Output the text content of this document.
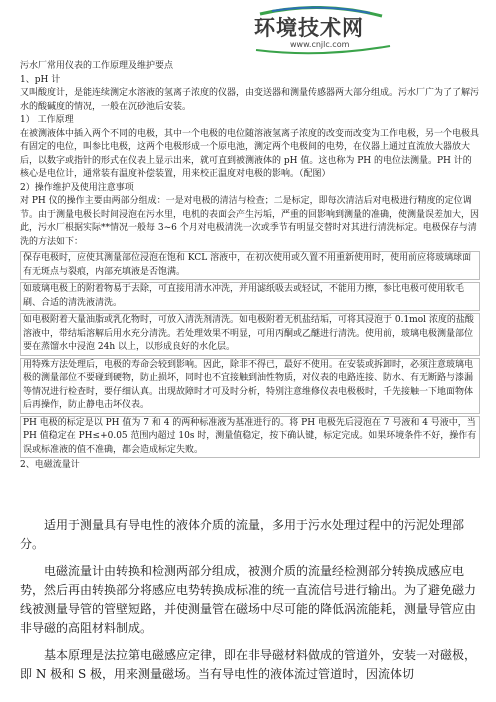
环境技术网
www.cnjlc.com

污水厂常用仪表的工作原理及维护要点

1、pH 计

又叫酸度计，是能连续测定水溶液的氢离子浓度的仪器，由变送器和测量传感器两大部分组成。污水厂广为了了解污水的酸碱度的情况，一般在沉砂池后安装。

1） 工作原理

在被测液体中插入两个不同的电极，其中一个电极的电位随溶液氢离子浓度的改变而改变为工作电极，另一个电极具有固定的电位，叫参比电极，这两个电极形成一个原电池，测定两个电极间的电势，在仪器上通过直流放大器放大后，以数字或指针的形式在仪表上显示出来，就可直到被测液体的 pH 值。这也称为 PH 的电位法测量。PH 计的核心是电位计，通常装有温度补偿装置，用来校正温度对电极的影响。（配图）

2）操作维护及使用注意事项

对 PH 仪的操作主要由两部分组成：一是对电极的清洁与检查；二是标定，即每次清洁后对电极进行精度的定位调节。由于测量电极长时间浸泡在污水里，电机的表面会产生污垢，严重的回影响到测量的准确，使测量误差加大，因此，污水厂根据实际**情况一般每 3~6 个月对电极清洗一次或季节有明显交替时对其进行清洗标定。电极保存与清洗的方法如下：

保存电极时，应使其测量部位浸泡在饱和 KCL 溶液中，在初次使用或久置不用重新使用时，使用前应将玻璃球面有无斑点与裂痕，内部充填液是否饱满。
如玻璃电极上的附着物易于去除，可直接用清水冲洗，并用滤纸吸去或轻试，不能用力擦，参比电极可使用软毛刷、合适的清洗液清洗。
如电极附着大量油脂或乳化物时，可放入清洗剂清洗。如电极附着无机盐结垢，可将其浸泡于 0.1mol 浓度的盐酸溶液中，带结垢溶解后用水充分清洗。若处理效果不明显，可用丙酮或乙醚进行清洗。使用前，玻璃电极测量部位要在蒸馏水中浸泡 24h 以上，以形成良好的水化层。
用特殊方法处理后，电极的寿命会较到影响。因此，除非不得已，最好不使用。在安装或拆卸时，必须注意玻璃电极的测量部位不要碰到硬物，防止损坏，同时也不宜接触到油性物质，对仪表的电路连接、防水、有无断路与漆漏等情况进行检查时，要仔细认真。出现故障时才可及时分析，特别注意维修仪表电极极时，千先接触一下地面物体后再操作，防止静电击坏仪表。
PH 电极的标定是以 PH 值为 7 和 4 的两种标准液为基准进行的。将 PH 电极先后浸泡在 7 号液和 4 号液中，当 PH 值稳定在 PH≤+0.05 范围内超过 10s 时，测量值稳定，按下确认键，标定完成。如果环境条件不好，操作有误或标准液的值不准确，都会造成标定失败。

2、电磁流量计

适用于测量具有导电性的液体介质的流量，多用于污水处理过程中的污泥处理部分。

电磁流量计由转换和检测两部分组成，被测介质的流量经检测部分转换成感应电势，然后再由转换部分将感应电势转换成标准的统一直流信号进行输出。为了避免磁力线被测量导管的管壁短路，并使测量管在磁场中尽可能的降低涡流能耗，测量导管应由非导磁的高阻材料制成。

基本原理是法拉第电磁感应定律，即在非导磁材料做成的管道外，安装一对磁极，即 N 极和 S 极，用来测量磁场。当有导电性的液体流过管道时，因流体切
